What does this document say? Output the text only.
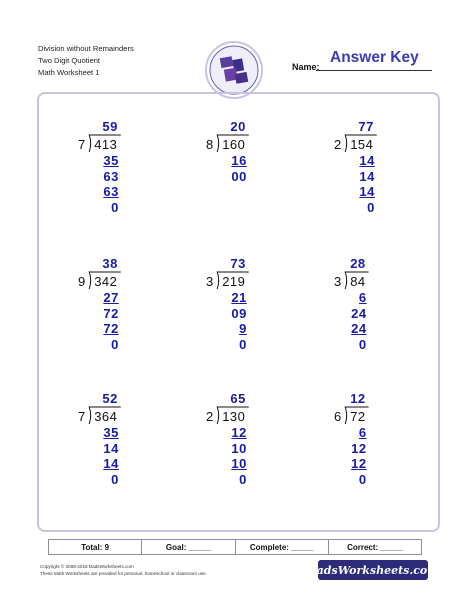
Division without Remainders
Two Digit Quotient
Math Worksheet 1
Name:
Answer Key
59
7 413
35
63
63
0
20
8 160
16
00
77
2 154
14
14
14
0
38
9 342
27
72
72
0
73
3 219
21
09
9
0
28
3 84
6
24
24
0
52
7 364
35
14
14
0
65
2 130
12
10
10
0
12
6 72
6
12
12
0
Total: 9	Goal: _____	Complete: _____	Correct: _____
Copyright © 2008-2018 DadsWorksheets.com
These Math Worksheets are provided for personal, homeschool or classroom use.	DadsWorksheets.com
